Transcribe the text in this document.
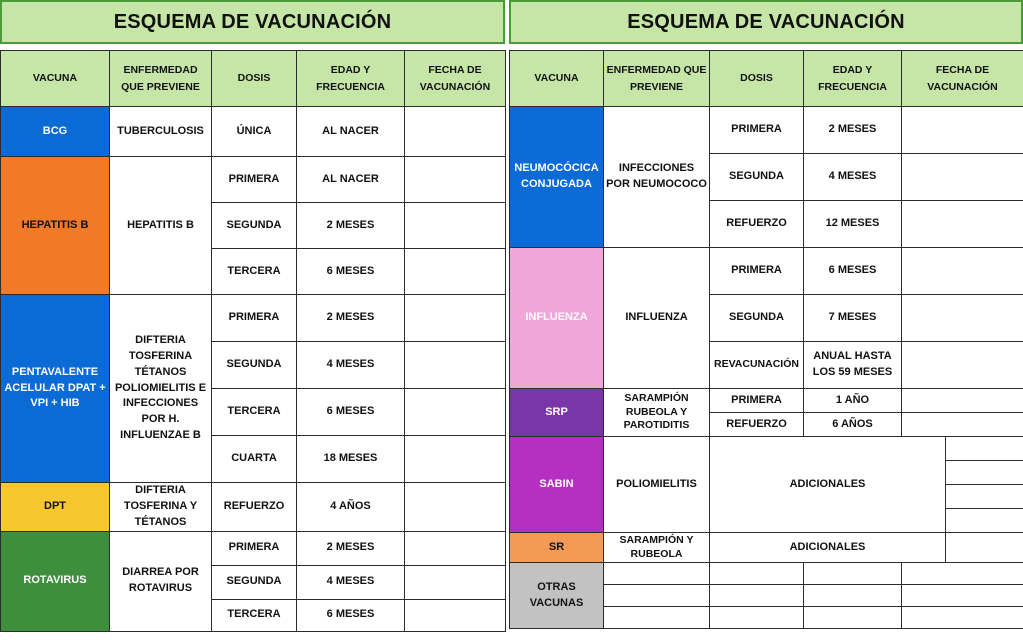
ESQUEMA DE VACUNACIÓN
VACUNA	ENFERMEDAD QUE PREVIENE	DOSIS	EDAD Y FRECUENCIA	FECHA DE VACUNACIÓN
BCG	TUBERCULOSIS	ÚNICA	AL NACER	
HEPATITIS B	HEPATITIS B	PRIMERA	AL NACER	
		SEGUNDA	2 MESES	
		TERCERA	6 MESES	
PENTAVALENTE ACELULAR DPAT + VPI + HIB	DIFTERIA TOSFERINA TÉTANOS POLIOMIELITIS E INFECCIONES POR H. INFLUENZAE B	PRIMERA	2 MESES	
		SEGUNDA	4 MESES	
		TERCERA	6 MESES	
		CUARTA	18 MESES	
DPT	DIFTERIA TOSFERINA Y TÉTANOS	REFUERZO	4 AÑOS	
ROTAVIRUS	DIARREA POR ROTAVIRUS	PRIMERA	2 MESES	
		SEGUNDA	4 MESES	
		TERCERA	6 MESES	
ESQUEMA DE VACUNACIÓN
VACUNA	ENFERMEDAD QUE PREVIENE	DOSIS	EDAD Y FRECUENCIA	FECHA DE VACUNACIÓN	
NEUMOCÓCICA CONJUGADA	INFECCIONES POR NEUMOCOCO	PRIMERA	2 MESES		
		SEGUNDA	4 MESES		
		REFUERZO	12 MESES		
INFLUENZA	INFLUENZA	PRIMERA	6 MESES		
		SEGUNDA	7 MESES		
		REVACUNACIÓN	ANUAL HASTA LOS 59 MESES		
SRP	SARAMPIÓN RUBEOLA Y PAROTIDITIS	PRIMERA	1 AÑO		
		REFUERZO	6 AÑOS		
SABIN	POLIOMIELITIS	ADICIONALES			

SR	SARAMPIÓN Y RUBEOLA	ADICIONALES			
OTRAS VACUNAS					
